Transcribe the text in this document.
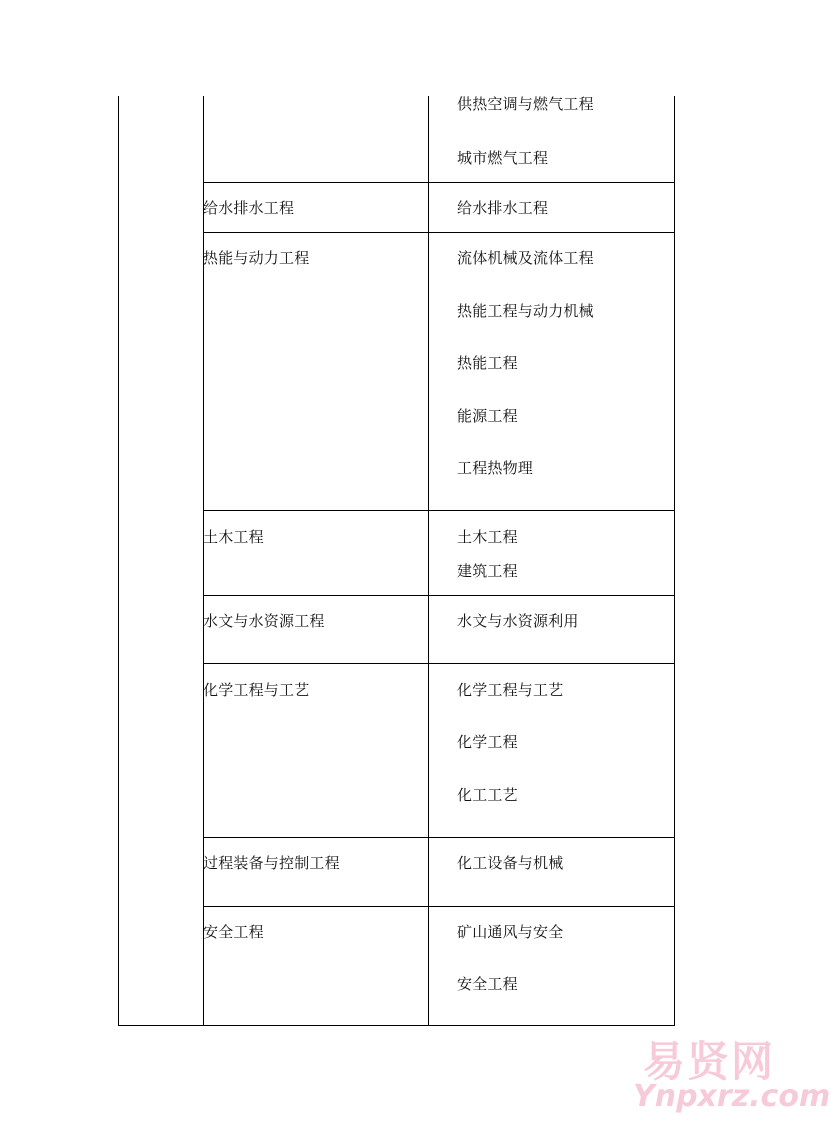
供热空调与燃气工程
城市燃气工程
给水排水工程	给水排水工程
热能与动力工程	流体机械及流体工程
热能工程与动力机械
热能工程
能源工程
工程热物理
土木工程	土木工程
建筑工程
水文与水资源工程	水文与水资源利用
化学工程与工艺	化学工程与工艺
化学工程
化工工艺
过程装备与控制工程	化工设备与机械
安全工程	矿山通风与安全
安全工程
易贤网
Ynpxrz.com
